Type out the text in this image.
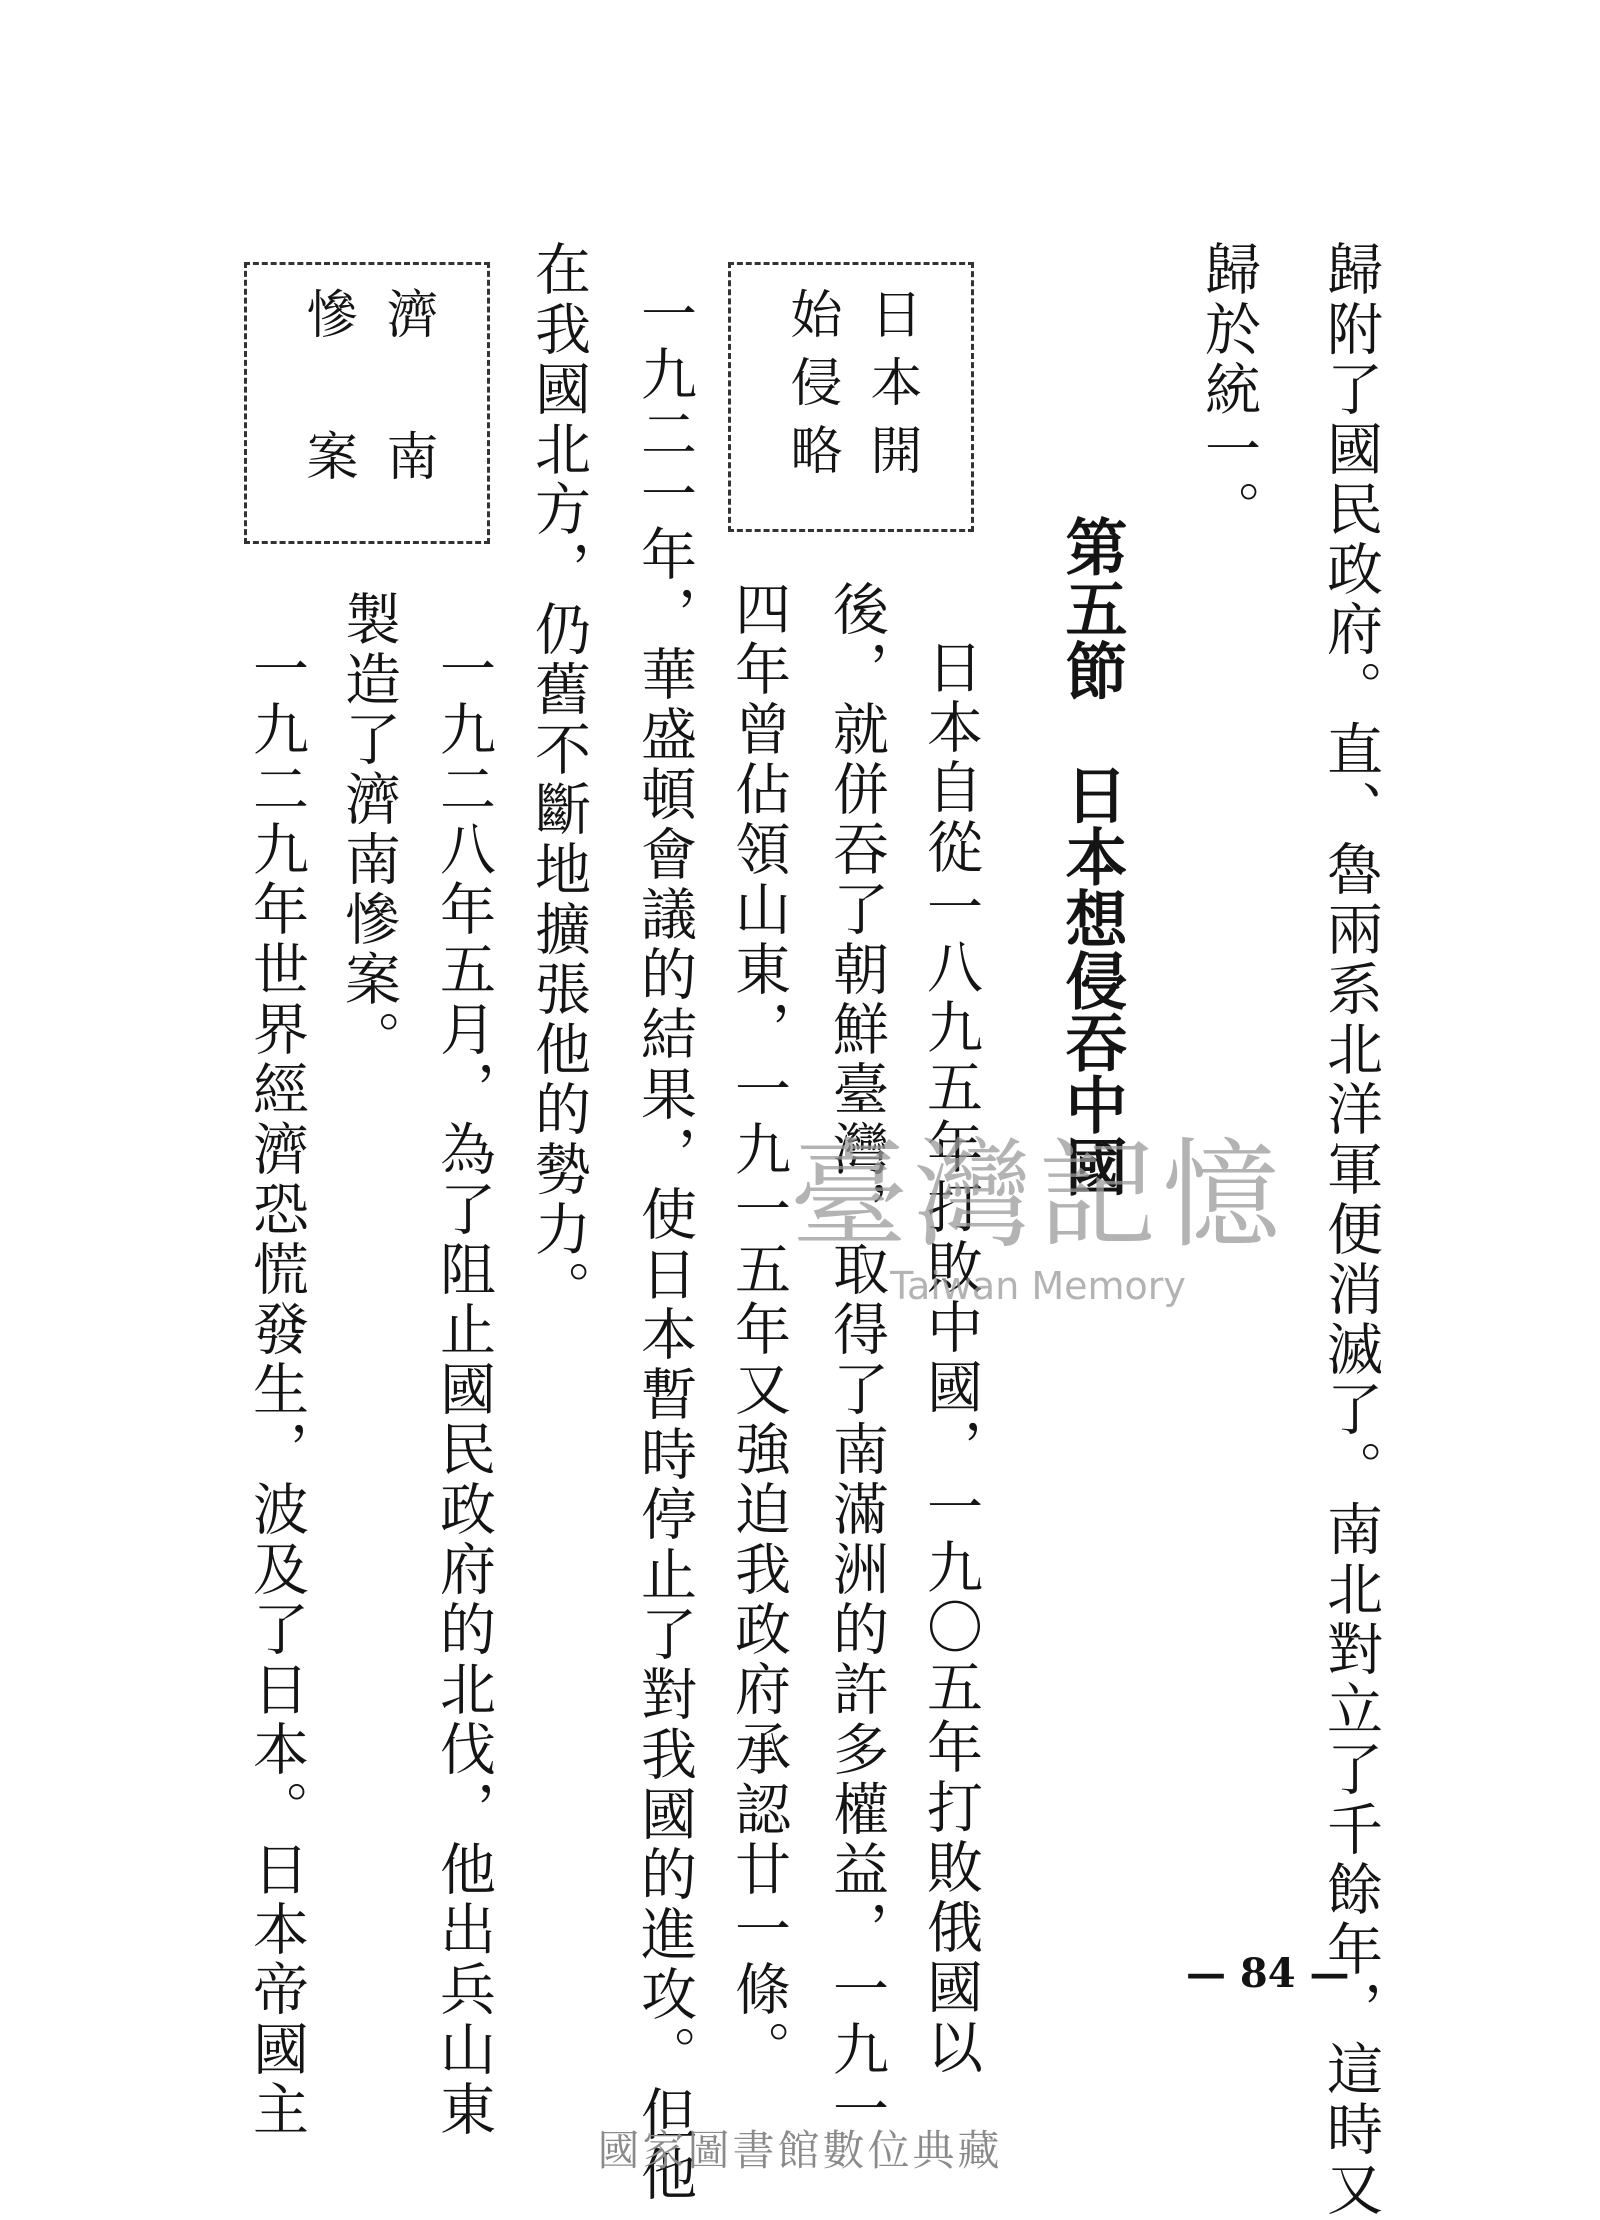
歸附了國民政府。直、魯兩系北洋軍便消滅了。南北對立了千餘年，這時又
歸於統一。
第五節日本想侵吞中國
日本自從一八九五年打敗中國，一九〇五年打敗俄國以
後，就併吞了朝鮮臺灣，取得了南滿洲的許多權益，一九一
四年曾佔領山東，一九一五年又強迫我政府承認廿一條。
一九二一年，華盛頓會議的結果，使日本暫時停止了對我國的進攻。但他
在我國北方，仍舊不斷地擴張他的勢力。
一九二八年五月，為了阻止國民政府的北伐，他出兵山東
製造了濟南慘案。
一九二九年世界經濟恐慌發生，波及了日本。日本帝國主
日本開
始侵略
濟南
慘案
— 84 —
臺灣記憶
Taiwan Memory
國家圖書館數位典藏
